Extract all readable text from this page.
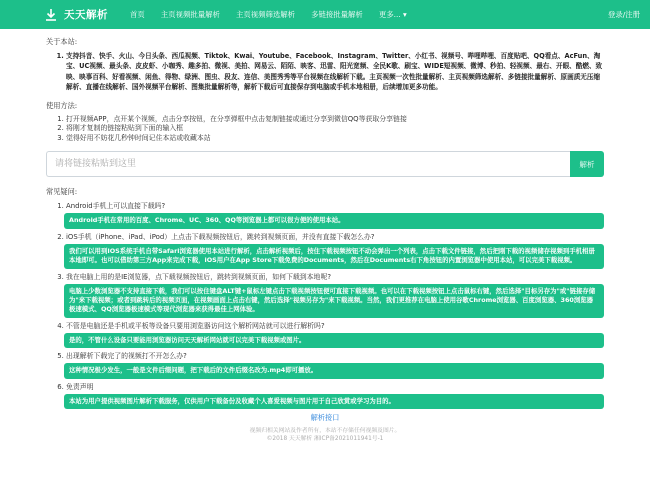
天天解析	首页	主页视频批量解析	主页视频筛选解析	多链接批量解析	更多... ▾	登录/注册
关于本站:
1. 支持抖音、快手、火山、今日头条、西瓜视频、Tiktok、Kwai、Youtube、Facebook、Instagram、Twitter、小红书、视频号、哔哩哔哩、百度贴吧、QQ看点、AcFun、淘宝、UC视频、最头条、皮皮虾、小咖秀、趣多拍、微视、美拍、网易云、陌陌、映客、迅雷、阳光宽频、全民K歌、刷宝、WIDE短视频、微博、秒拍、轻视频、最右、开眼、酷燃、致映、映事百科、好看视频、闲鱼、得物、绿洲、图虫、段友、连信、美图秀秀等平台视频在线解析下载。主页视频一次性批量解析、主页视频筛选解析、多链接批量解析、原画质无压缩解析、直播在线解析、国外视频平台解析、图集批量解析等，解析下载后可直接保存到电脑或手机本地相册，后续增加更多功能。
使用方法:
1. 打开视频APP，点开某个视频，点击分享按钮，在分享弹框中点击复制链接或通过分享到微信QQ等获取分享链接
2. 将刚才复制的链接粘贴到下面的输入框
3. 觉得好用不妨花几秒钟时间记住本站或收藏本站
请将链接粘贴到这里
解析
常见疑问:
1. Android手机上可以直接下载吗?
Android手机在常用的百度、Chrome、UC、360、QQ等浏览器上都可以很方便的使用本站。
2. iOS手机（iPhone、iPad、iPod）上点击下载视频按钮后，跳转到视频页面，并没有直接下载怎么办?
我们可以用到IOS系统手机自带Safari浏览器使用本站进行解析，点击解析视频后，按住下载视频按钮不动会弹出一个列表，点击下载文件链接，然后把刚下载的视频储存视频到手机相册本地即可。也可以借助第三方App来完成下载，iOS用户在App Store下载免费的Documents，然后在Documents右下角按钮的内置浏览器中使用本站，可以完美下载视频。
3. 我在电脑上用的是IE浏览器，点下载视频按钮后，跳转到视频页面，如何下载到本地呢?
电脑上少数浏览器不支持直接下载，我们可以按住键盘ALT键+鼠标左键点击下载视频按钮便可直接下载视频。也可以在下载视频按钮上点击鼠标右键，然后选择"目标另存为"或"链接存储为"来下载视频；或者到跳转后的视频页面，在视频画面上点击右键，然后选择"视频另存为"来下载视频。当然，我们更推荐在电脑上使用谷歌Chrome浏览器、百度浏览器、360浏览器极速模式、QQ浏览器极速模式等现代浏览器来获得最佳上网体验。
4. 不管是电脑还是手机或平板等设备只要用浏览器访问这个解析网站就可以进行解析吗?
是的，不管什么设备只要能用浏览器访问天天解析网站就可以完美下载视频或图片。
5. 出现解析下载完了的视频打不开怎么办?
这种情况极少发生，一般是文件后缀问题，把下载后的文件后缀名改为.mp4即可播放。
6. 免责声明
本站为用户提供视频图片解析下载服务，仅供用户下载备份及收藏个人喜爱视频与图片用于自己欣赏或学习为目的。
解析接口
视频归相关网站及作者所有，本站不存储任何视频及图片。
©2018 天天解析 湘ICP备2021011941号-1
